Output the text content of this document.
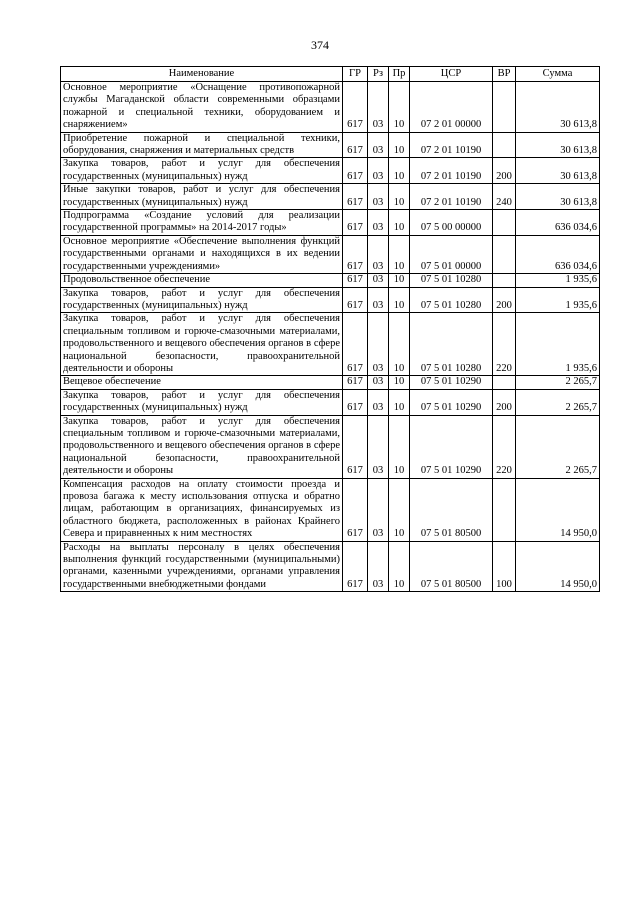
374
Наименование	ГР	Рз	Пр	ЦСР	ВР	Сумма
Основное мероприятие «Оснащение противопожарной службы Магаданской области современными образцами пожарной и специальной техники, оборудованием и снаряжением»	617	03	10	07 2 01 00000		30 613,8
Приобретение пожарной и специальной техники, оборудования, снаряжения и материальных средств	617	03	10	07 2 01 10190		30 613,8
Закупка товаров, работ и услуг для обеспечения государственных (муниципальных) нужд	617	03	10	07 2 01 10190	200	30 613,8
Иные закупки товаров, работ и услуг для обеспечения государственных (муниципальных) нужд	617	03	10	07 2 01 10190	240	30 613,8
Подпрограмма «Создание условий для реализации государственной программы» на 2014-2017 годы»	617	03	10	07 5 00 00000		636 034,6
Основное мероприятие «Обеспечение выполнения функций государственными органами и находящихся в их ведении государственными учреждениями»	617	03	10	07 5 01 00000		636 034,6
Продовольственное обеспечение	617	03	10	07 5 01 10280		1 935,6
Закупка товаров, работ и услуг для обеспечения государственных (муниципальных) нужд	617	03	10	07 5 01 10280	200	1 935,6
Закупка товаров, работ и услуг для обеспечения специальным топливом и горюче-смазочными материалами, продовольственного и вещевого обеспечения органов в сфере национальной безопасности, правоохранительной деятельности и обороны	617	03	10	07 5 01 10280	220	1 935,6
Вещевое обеспечение	617	03	10	07 5 01 10290		2 265,7
Закупка товаров, работ и услуг для обеспечения государственных (муниципальных) нужд	617	03	10	07 5 01 10290	200	2 265,7
Закупка товаров, работ и услуг для обеспечения специальным топливом и горюче-смазочными материалами, продовольственного и вещевого обеспечения органов в сфере национальной безопасности, правоохранительной деятельности и обороны	617	03	10	07 5 01 10290	220	2 265,7
Компенсация расходов на оплату стоимости проезда и провоза багажа к месту использования отпуска и обратно лицам, работающим в организациях, финансируемых из областного бюджета, расположенных в районах Крайнего Севера и приравненных к ним местностях	617	03	10	07 5 01 80500		14 950,0
Расходы на выплаты персоналу в целях обеспечения выполнения функций государственными (муниципальными) органами, казенными учреждениями, органами управления государственными внебюджетными фондами	617	03	10	07 5 01 80500	100	14 950,0
